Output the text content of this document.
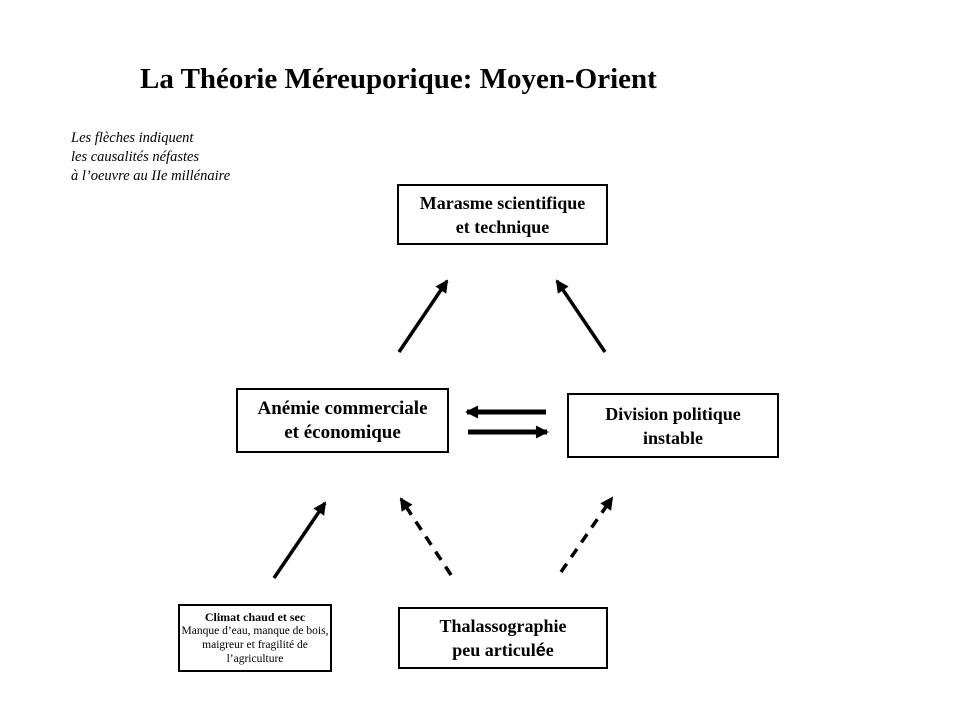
La Théorie Méreuporique: Moyen-Orient
Les flèches indiquent
les causalités néfastes
à l’oeuvre au IIe millénaire
Marasme scientifique
et technique
Anémie commerciale
et économique
Division politique
instable
Climat chaud et sec
Manque d’eau, manque de bois,
maigreur et fragilité de
l’agriculture
Thalassographie
peu articulée
